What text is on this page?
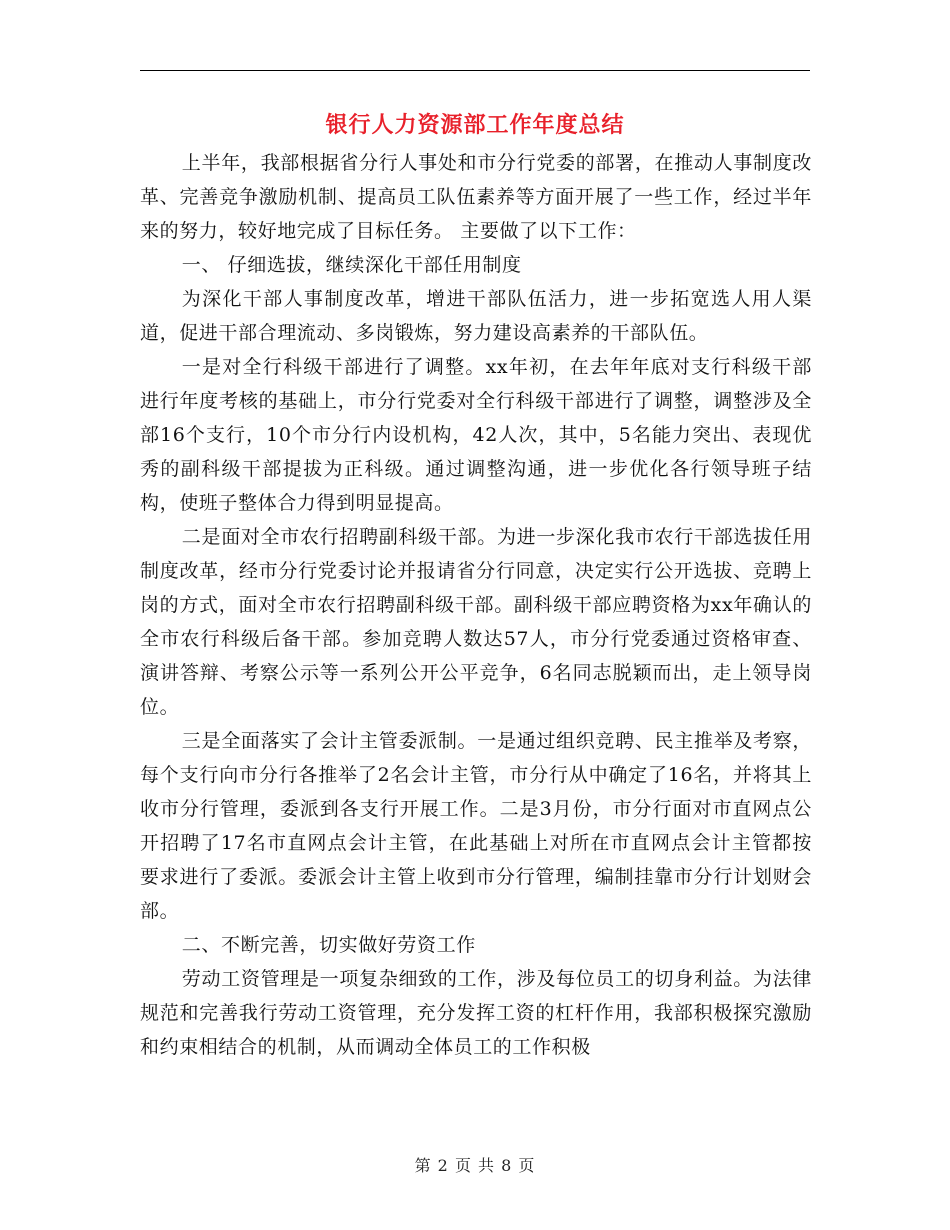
银行人力资源部工作年度总结

上半年，我部根据省分行人事处和市分行党委的部署，在推动人事制度改革、完善竞争激励机制、提高员工队伍素养等方面开展了一些工作，经过半年来的努力，较好地完成了目标任务。 主要做了以下工作：

一、 仔细选拔，继续深化干部任用制度

为深化干部人事制度改革，增进干部队伍活力，进一步拓宽选人用人渠道，促进干部合理流动、多岗锻炼，努力建设高素养的干部队伍。

一是对全行科级干部进行了调整。xx年初，在去年年底对支行科级干部进行年度考核的基础上，市分行党委对全行科级干部进行了调整，调整涉及全部16个支行，10个市分行内设机构，42人次，其中，5名能力突出、表现优秀的副科级干部提拔为正科级。通过调整沟通，进一步优化各行领导班子结构，使班子整体合力得到明显提高。

二是面对全市农行招聘副科级干部。为进一步深化我市农行干部选拔任用制度改革，经市分行党委讨论并报请省分行同意，决定实行公开选拔、竞聘上岗的方式，面对全市农行招聘副科级干部。副科级干部应聘资格为xx年确认的全市农行科级后备干部。参加竞聘人数达57人，市分行党委通过资格审查、演讲答辩、考察公示等一系列公开公平竞争，6名同志脱颖而出，走上领导岗位。

三是全面落实了会计主管委派制。一是通过组织竞聘、民主推举及考察，每个支行向市分行各推举了2名会计主管，市分行从中确定了16名，并将其上收市分行管理，委派到各支行开展工作。二是3月份，市分行面对市直网点公开招聘了17名市直网点会计主管，在此基础上对所在市直网点会计主管都按要求进行了委派。委派会计主管上收到市分行管理，编制挂靠市分行计划财会部。

二、不断完善，切实做好劳资工作

劳动工资管理是一项复杂细致的工作，涉及每位员工的切身利益。为法律规范和完善我行劳动工资管理，充分发挥工资的杠杆作用，我部积极探究激励和约束相结合的机制，从而调动全体员工的工作积极

第 2 页 共 8 页
